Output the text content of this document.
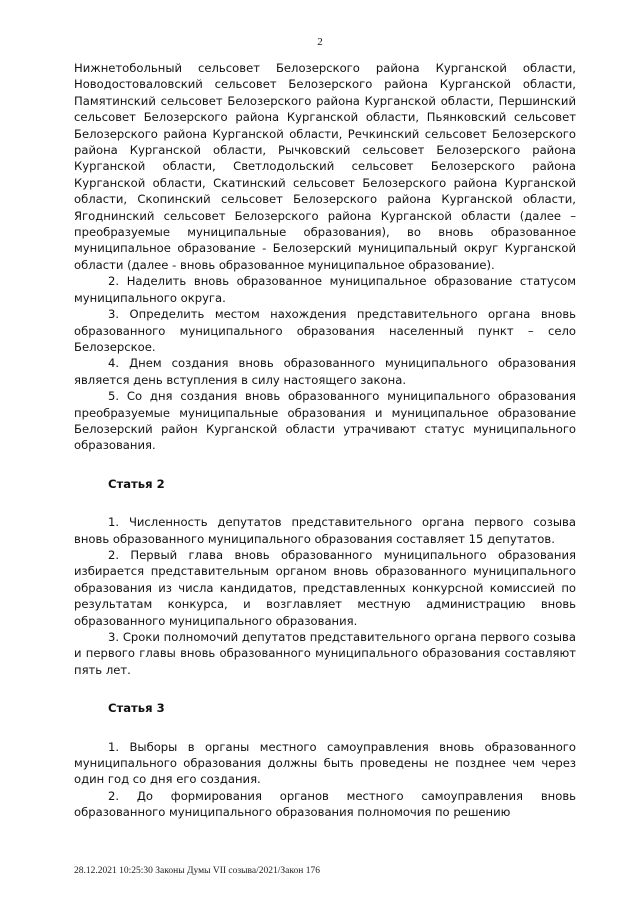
2

Нижнетобольный сельсовет Белозерского района Курганской области, Новодостоваловский сельсовет Белозерского района Курганской области, Памятинский сельсовет Белозерского района Курганской области, Першинский сельсовет Белозерского района Курганской области, Пьянковский сельсовет Белозерского района Курганской области, Речкинский сельсовет Белозерского района Курганской области, Рычковский сельсовет Белозерского района Курганской области, Светлодольский сельсовет Белозерского района Курганской области, Скатинский сельсовет Белозерского района Курганской области, Скопинский сельсовет Белозерского района Курганской области, Ягоднинский сельсовет Белозерского района Курганской области (далее – преобразуемые муниципальные образования), во вновь образованное муниципальное образование - Белозерский муниципальный округ Курганской области (далее - вновь образованное муниципальное образование).

2. Наделить вновь образованное муниципальное образование статусом муниципального округа.

3. Определить местом нахождения представительного органа вновь образованного муниципального образования населенный пункт – село Белозерское.

4. Днем создания вновь образованного муниципального образования является день вступления в силу настоящего закона.

5. Со дня создания вновь образованного муниципального образования преобразуемые муниципальные образования и муниципальное образование Белозерский район Курганской области утрачивают статус муниципального образования.

Статья 2

1. Численность депутатов представительного органа первого созыва вновь образованного муниципального образования составляет 15 депутатов.

2. Первый глава вновь образованного муниципального образования избирается представительным органом вновь образованного муниципального образования из числа кандидатов, представленных конкурсной комиссией по результатам конкурса, и возглавляет местную администрацию вновь образованного муниципального образования.

3. Сроки полномочий депутатов представительного органа первого созыва и первого главы вновь образованного муниципального образования составляют пять лет.

Статья 3

1. Выборы в органы местного самоуправления вновь образованного муниципального образования должны быть проведены не позднее чем через один год со дня его создания.

2. До формирования органов местного самоуправления вновь образованного муниципального образования полномочия по решению

28.12.2021 10:25:30 Законы Думы VII созыва/2021/Закон 176
